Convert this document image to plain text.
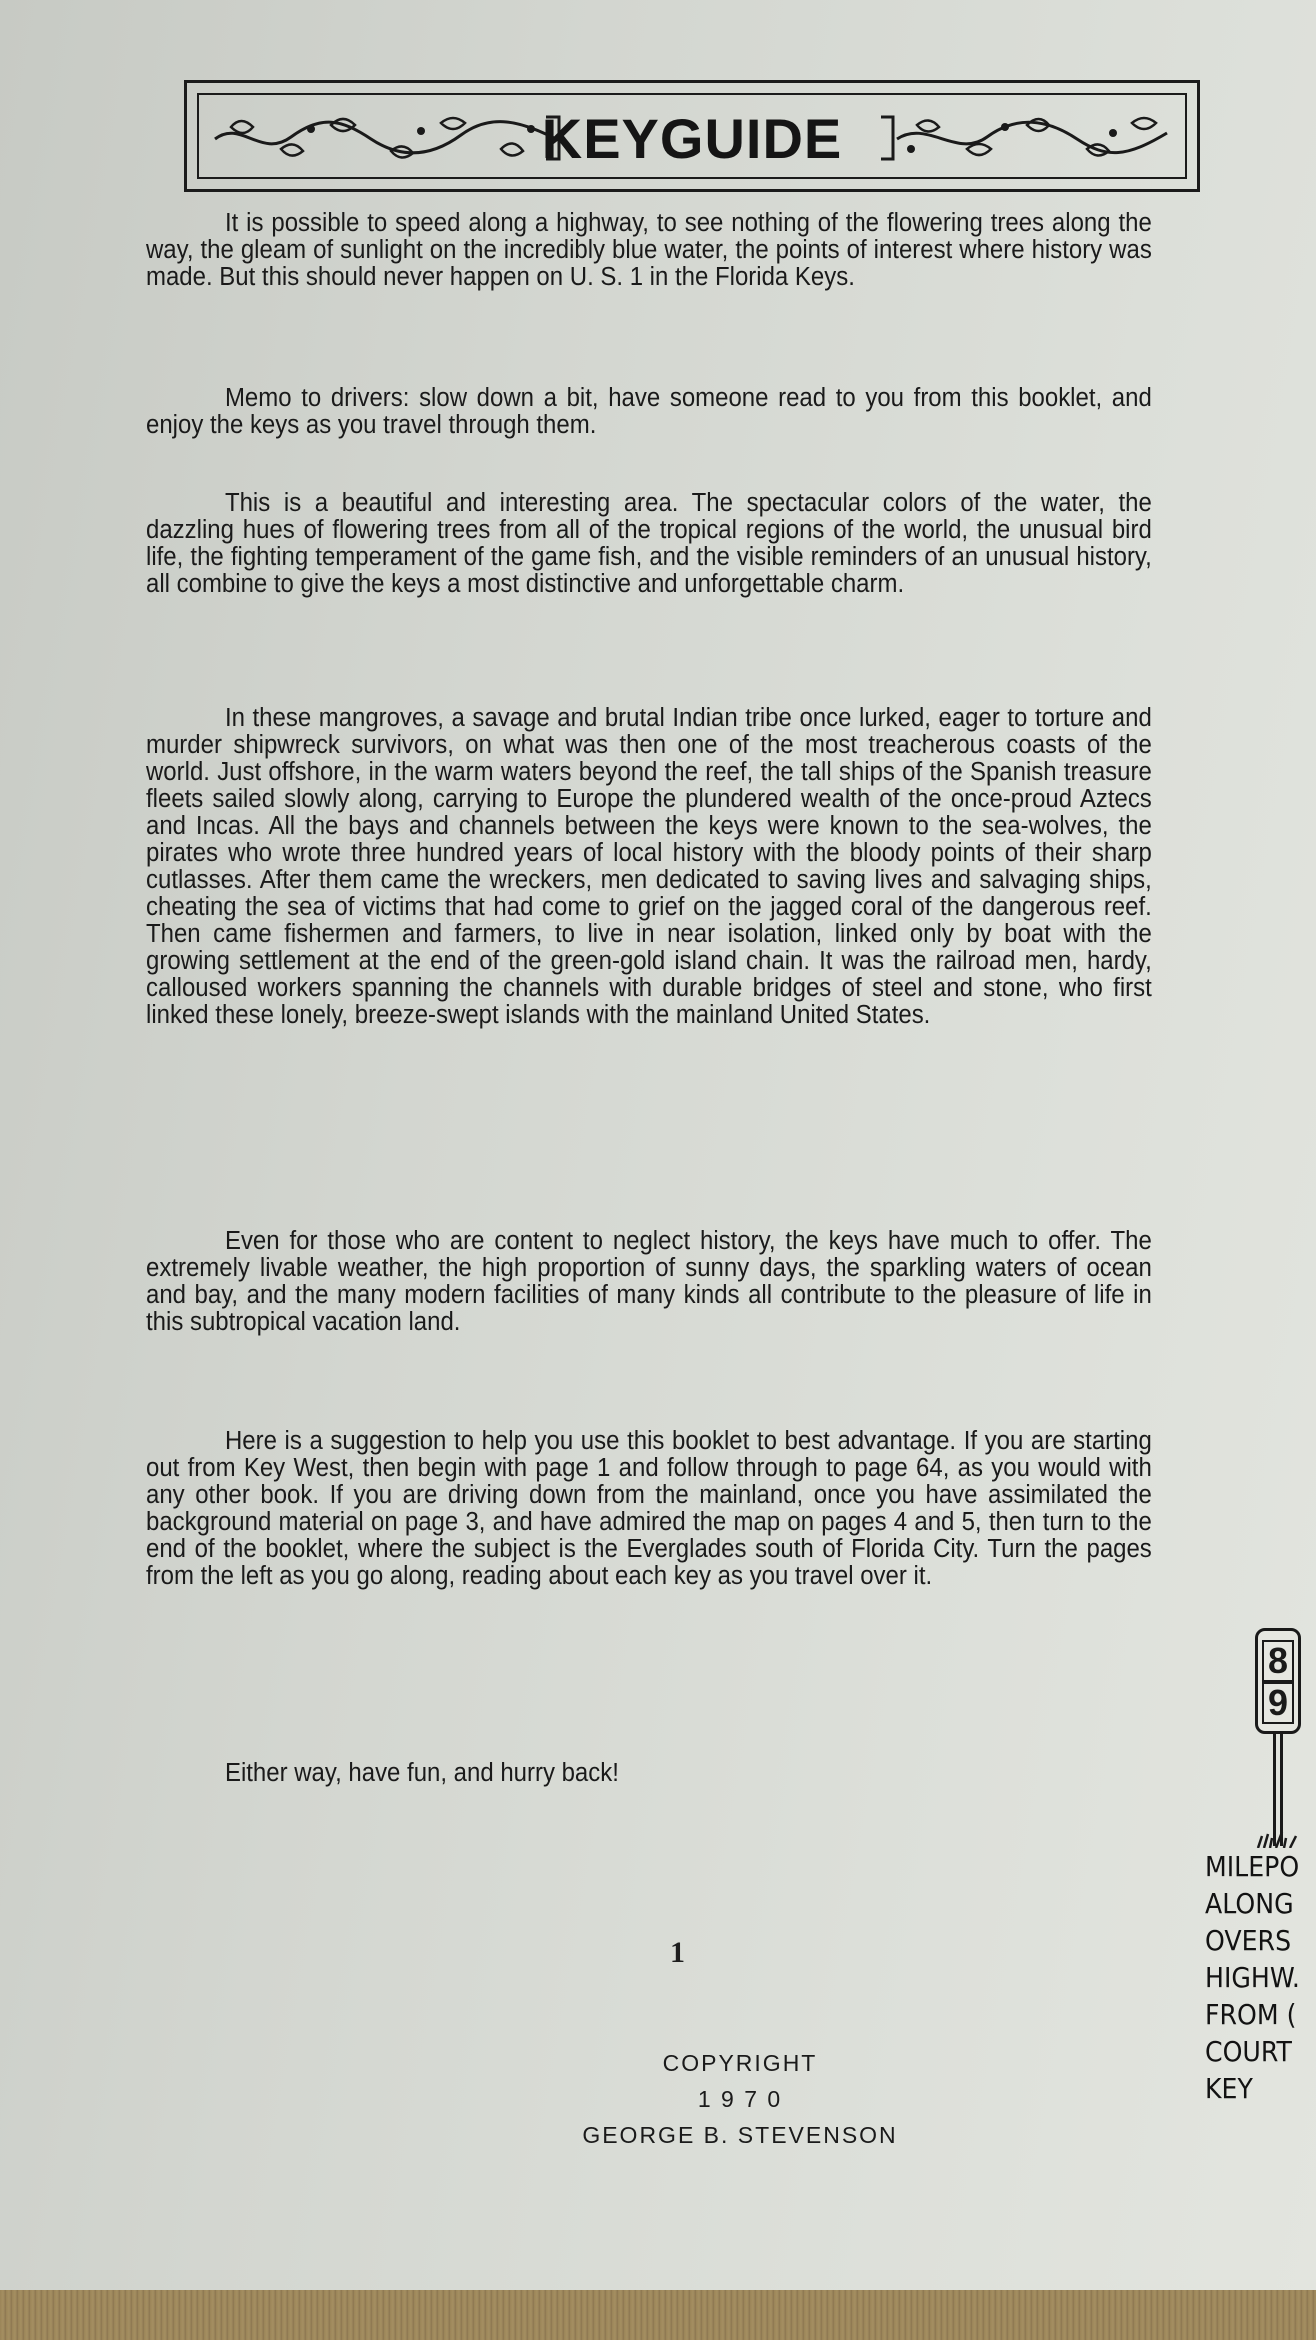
KEYGUIDE

It is possible to speed along a highway, to see nothing of the flowering trees along the way, the gleam of sunlight on the incredibly blue water, the points of interest where history was made. But this should never happen on U. S. 1 in the Florida Keys.

Memo to drivers: slow down a bit, have someone read to you from this booklet, and enjoy the keys as you travel through them.

This is a beautiful and interesting area. The spectacular colors of the water, the dazzling hues of flowering trees from all of the tropical regions of the world, the unusual bird life, the fighting temperament of the game fish, and the visible reminders of an unusual history, all combine to give the keys a most distinctive and unforgettable charm.

In these mangroves, a savage and brutal Indian tribe once lurked, eager to torture and murder shipwreck survivors, on what was then one of the most treacherous coasts of the world. Just offshore, in the warm waters beyond the reef, the tall ships of the Spanish treasure fleets sailed slowly along, carrying to Europe the plundered wealth of the once-proud Aztecs and Incas. All the bays and channels between the keys were known to the sea-wolves, the pirates who wrote three hundred years of local history with the bloody points of their sharp cutlasses. After them came the wreckers, men dedicated to saving lives and salvaging ships, cheating the sea of victims that had come to grief on the jagged coral of the dangerous reef. Then came fishermen and farmers, to live in near isolation, linked only by boat with the growing settlement at the end of the green-gold island chain. It was the railroad men, hardy, calloused workers spanning the channels with durable bridges of steel and stone, who first linked these lonely, breeze-swept islands with the mainland United States.

Even for those who are content to neglect history, the keys have much to offer. The extremely livable weather, the high proportion of sunny days, the sparkling waters of ocean and bay, and the many modern facilities of many kinds all contribute to the pleasure of life in this subtropical vacation land.

Here is a suggestion to help you use this booklet to best advantage. If you are starting out from Key West, then begin with page 1 and follow through to page 64, as you would with any other book. If you are driving down from the mainland, once you have assimilated the background material on page 3, and have admired the map on pages 4 and 5, then turn to the end of the booklet, where the subject is the Everglades south of Florida City. Turn the pages from the left as you go along, reading about each key as you travel over it.

Either way, have fun, and hurry back!

1
COPYRIGHT
1 9 7 0
GEORGE B. STEVENSON
8
9
MILEPO
ALONG
OVERS
HIGHW.
FROM (
COURT
KEY
